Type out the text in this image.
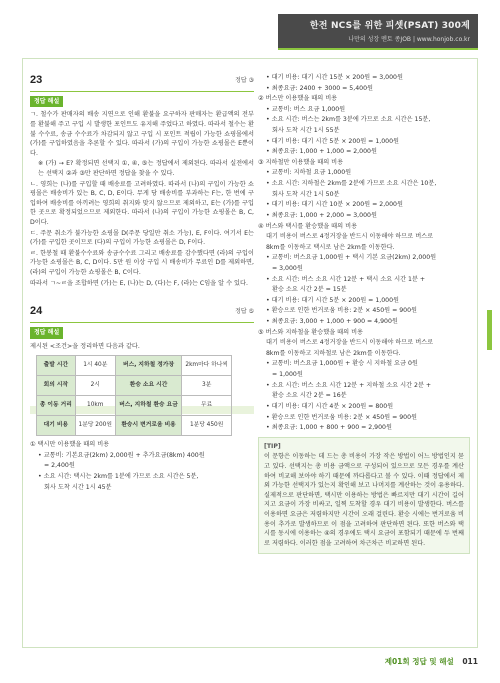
한전 NCS를 위한 피셋(PSAT) 300제
나만의 성장 멘토 종JOB | www.honjob.co.kr
23	정답 ③
정답 해설

ㄱ. 철수가 판매자의 배송 지연으로 인해 환불을 요구하자 판매자는 환급액의 전부를 환불해 주고 구입 시 발생한 포인트도 유지해 주었다고 하였다. 따라서 철수는 환불 수수료, 송금 수수료가 차감되지 않고 구입 시 포인트 적립이 가능한 쇼핑몰에서 (가)를 구입하였음을 추론할 수 있다. 따라서 (가)의 구입이 가능한 쇼핑몰은 E뿐이다.

※ (가) → E? 확정되면 선택지 ①, ④, ⑤는 정답에서 제외된다. 따라서 실전에서는 선택지 ②과 ③만 판단하면 정답을 찾을 수 있다.

ㄴ. 영희는 (나)를 구입할 때 배송료를 고려하였다. 따라서 (나)의 구입이 가능한 쇼핑몰은 배송비가 있는 B, C, D, E이다. 무게 당 배송비를 부과하는 F는, 한 번에 구입하여 배송비를 아끼려는 영희의 취지와 맞지 않으므로 제외하고, E는 (가)를 구입한 곳으로 확정되었으므로 제외한다. 따라서 (나)의 구입이 가능한 쇼핑몰은 B, C, D이다.

ㄷ. 주문 취소가 불가능한 쇼핑몰 D(주문 당일만 취소 가능), E, F이다. 여기서 E는 (가)를 구입한 곳이므로 (다)의 구입이 가능한 쇼핑몰은 D, F이다.

ㄹ. 한봉철 때 환불수수료와 송금수수료 그리고 배송료를 감수했다면 (라)의 구입이 가능한 쇼핑몰은 B, C, D이다. 5만 원 이상 구입 시 배송비가 무료인 D를 제외하면, (라)의 구입이 가능한 쇼핑몰은 B, C이다.

따라서 ㄱ~ㄹ을 조합하면 (가)는 E, (나)는 D, (다)는 F, (라)는 C임을 알 수 있다.

24	정답 ⑤
정답 해설

제시된 <조건>을 정리하면 다음과 같다.

출발 시간	1시 40분	버스, 지하철 정가장	2km마다 하나씩
회의 시작	2시	환승 소요 시간	3분
총 이동 거리	10km	버스, 지하철 환승 요금	무료
대기 비용	1분당 200원	환승시 변거로움 비용	1분당 450원

① 택시만 이용했을 때의 비용

• 교통비: 기본요금(2km) 2,000원 + 추가요금(8km) 400원

= 2,400원

• 소요 시간: 택시는 2km를 1분에 가므로 소요 시간은 5분,

회사 도착 시간 1시 45분

• 대기 비용: 대기 시간 15분 × 200원 = 3,000원

• 최종요금: 2400 + 3000 = 5,400원

② 버스만 이용했을 때의 비용

• 교통비: 버스 요금 1,000원

• 소요 시간: 버스는 2km를 3분에 가므로 소요 시간은 15분,

회사 도착 시간 1시 55분

• 대기 비용: 대기 시간 5분 × 200원 = 1,000원

• 최종요금: 1,000 + 1,000 = 2,000원

③ 지하철만 이용했을 때의 비용

• 교통비: 지하철 요금 1,000원

• 소요 시간: 지하철은 2km를 2분에 가므로 소요 시간은 10분,

회사 도착 시간 1시 50분

• 대기 비용: 대기 시간 10분 × 200원 = 2,000원

• 최종요금: 1,000 + 2,000 = 3,000원

④ 버스와 택시를 환승했을 때의 비용

대기 비용이 버스로 4정거장을 반드시 이동해야 하므로 버스로

8km를 이동하고 택시로 남은 2km를 이동한다.

• 교통비: 버스요금 1,000원 + 택시 기본 요금(2km) 2,000원

= 3,000원

• 소요 시간: 버스 소요 시간 12분 + 택시 소요 시간 1분 +

환승 소요 시간 2분 = 15분

• 대기 비용: 대기 시간 5분 × 200원 = 1,000원

• 환승으로 인한 번거로움 비용: 2분 × 450원 = 900원

• 최종요금: 3,000 + 1,000 + 900 = 4,900원

⑤ 버스와 지하철을 환승했을 때의 비용

대기 비용이 버스로 4정거장을 반드시 이동해야 하므로 버스로

8km를 이동하고 지하철로 남은 2km를 이동한다.

• 교통비: 버스요금 1,000원 + 환승 시 지하철 요금 0원

= 1,000원

• 소요 시간: 버스 소요 시간 12분 + 지하철 소요 시간 2분 +

환승 소요 시간 2분 = 16분

• 대기 비용: 대기 시간 4분 × 200원 = 800원

• 환승으로 인한 번거로움 비용: 2분 × 450원 = 900원

• 최종요금: 1,000 + 800 + 900 = 2,900원

[TIP]

이 문항은 이동하는 데 드는 총 비용이 가장 작은 방법이 어느 방법인지 묻고 있다. 선택지는 총 비용 금액으로 구성되어 있으므로 모든 경우를 계산하여 비교해 보아야 하기 때문에 까다롭다고 볼 수 있다. 이때 정답에서 제외 가능한 선택지가 있는지 확인해 보고 나머지를 계산하는 것이 유용하다. 실제적으로 판단하면, 택시만 이용하는 방법은 빠르지만 대기 시간이 길어지고 요금이 가장 비싸고, 일찍 도착할 경우 대기 비용이 발생한다. 버스를 이용하면 요금은 저렴하지만 시간이 오래 걸린다. 환승 시에는 번거로움 비용이 추가로 발생하므로 이 점을 고려하여 판단하면 된다. 또한 버스와 택시를 동시에 이용하는 ④의 경우에도 택시 요금이 포함되기 때문에 두 번째로 저렴하다. 이러한 점을 고려하여 차근차근 비교하면 된다.

제01회 정답 및 해설 011
